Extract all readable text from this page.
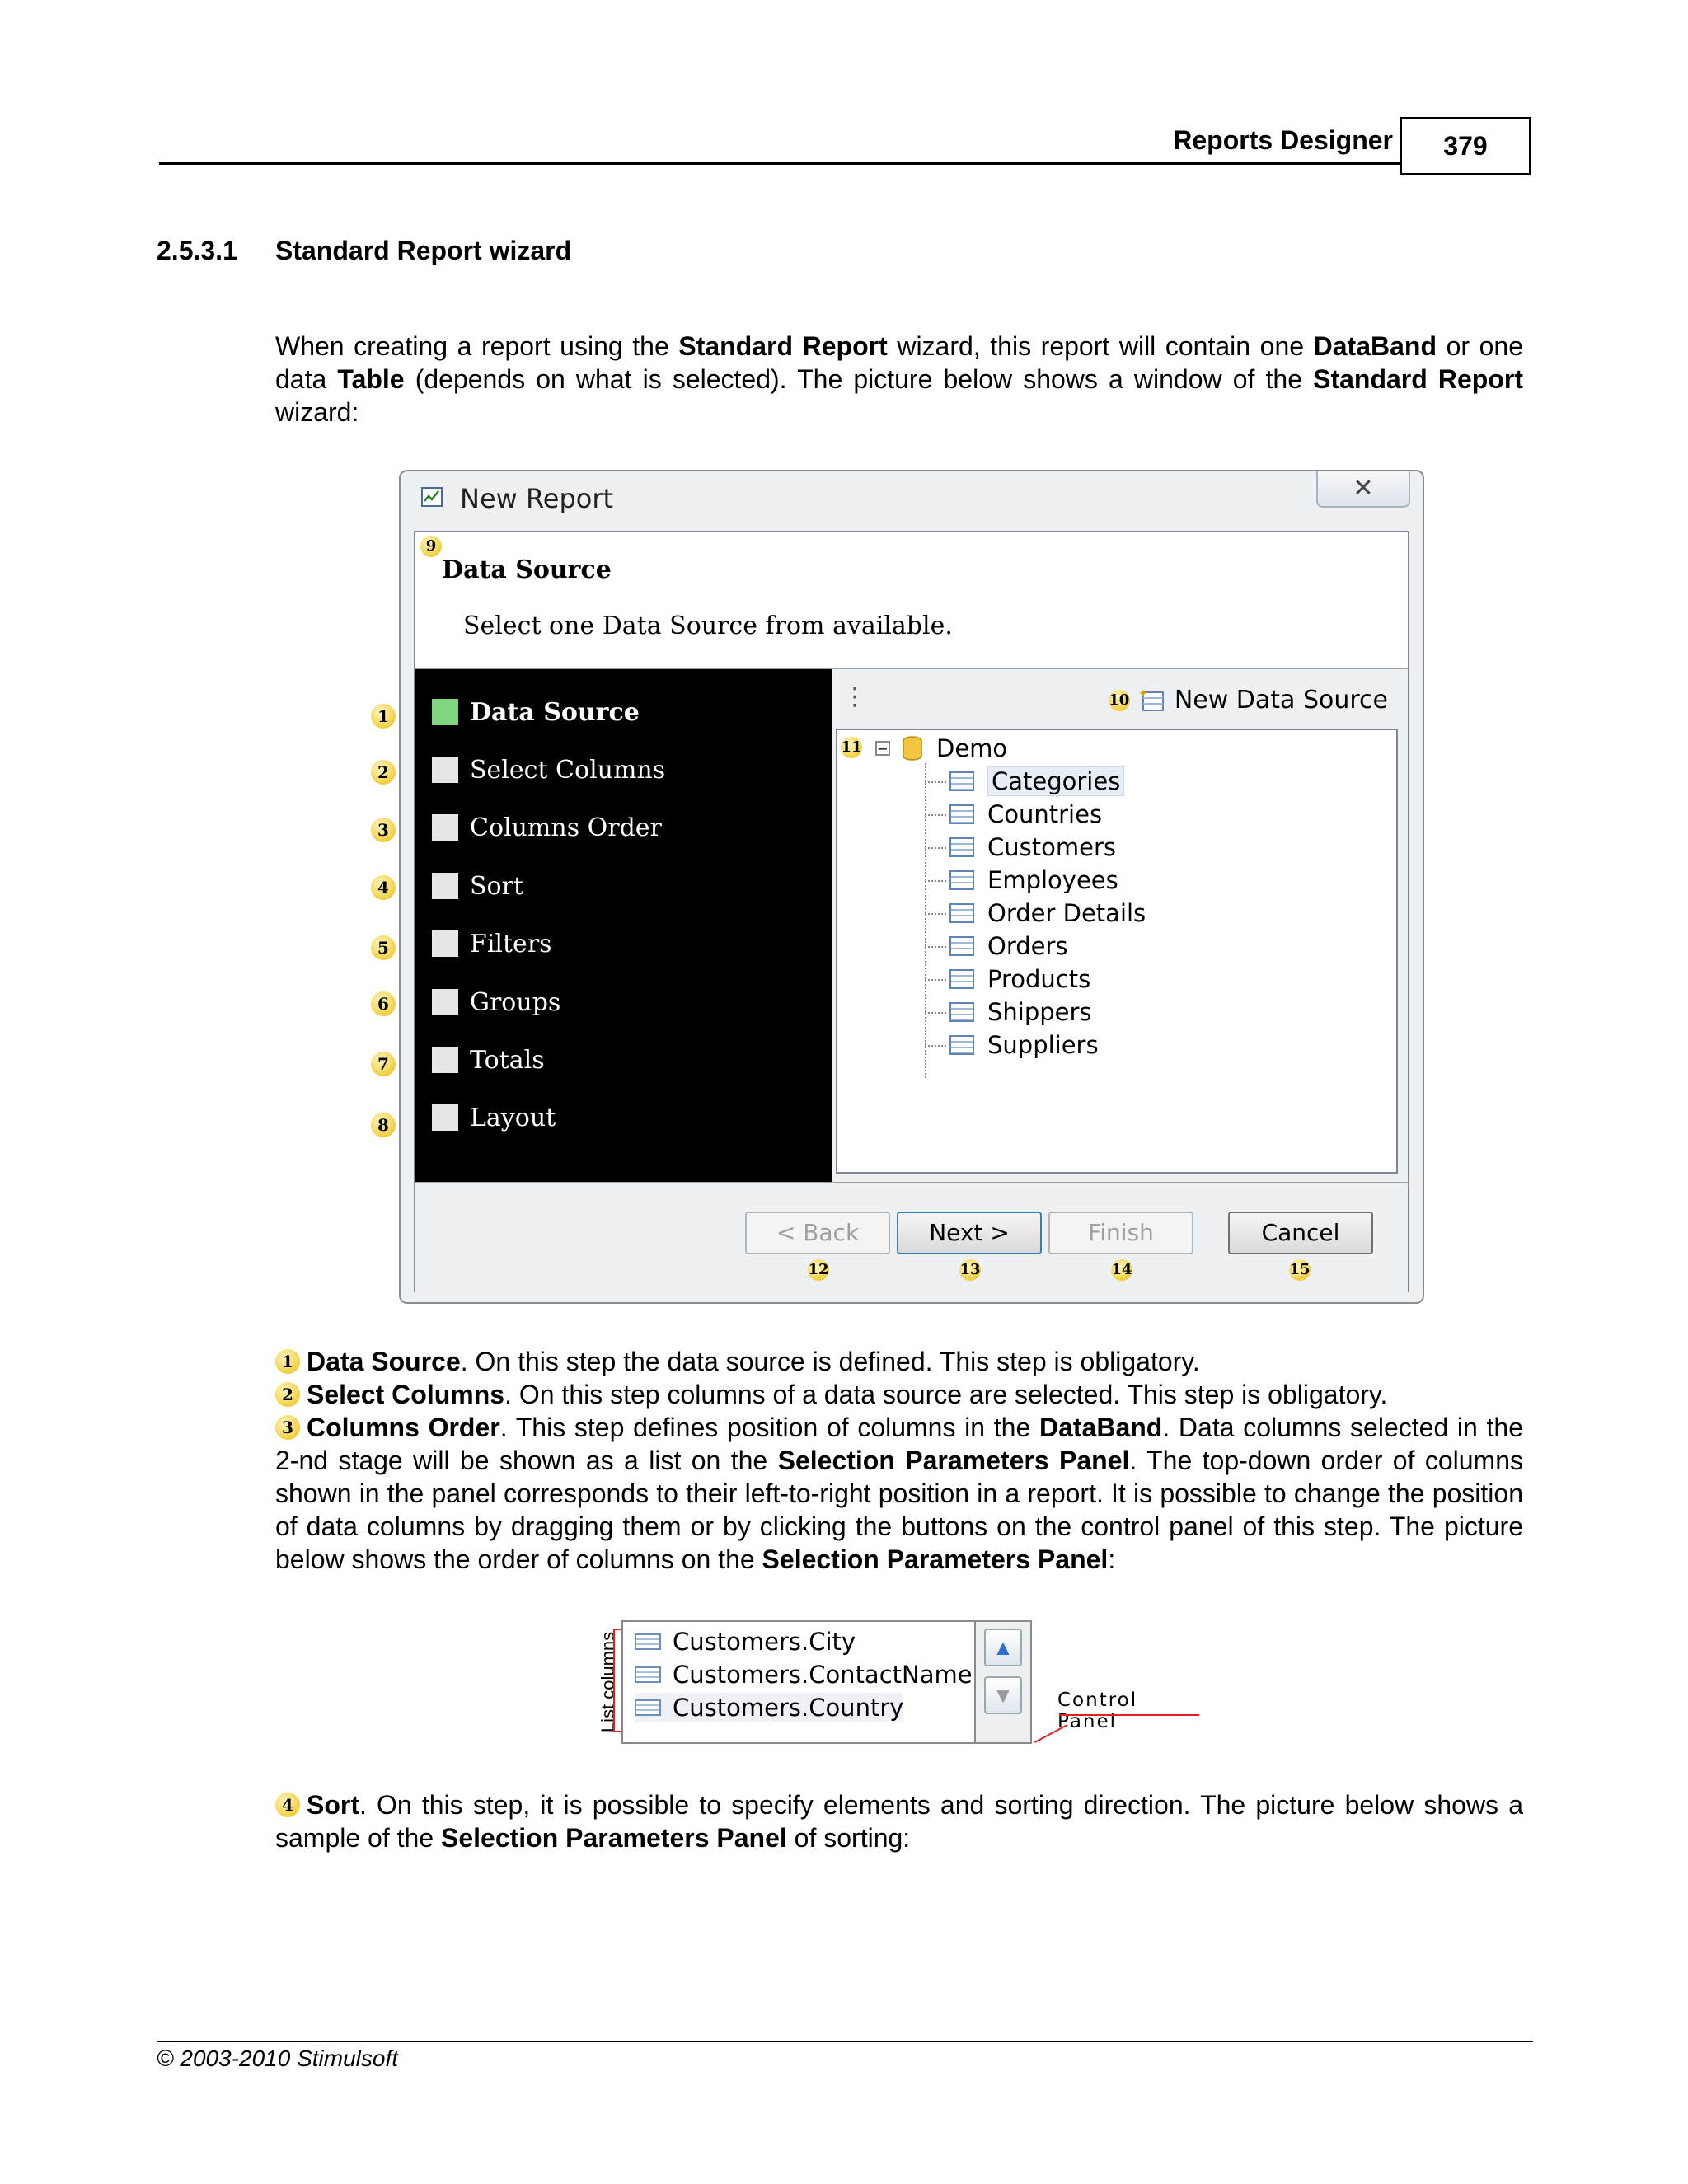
Reports Designer	379
2.5.3.1 Standard Report wizard
When creating a report using the Standard Report wizard, this report will contain one DataBand or one data Table (depends on what is selected). The picture below shows a window of the Standard Report wizard:
1
2
3
4
5
6
7
8
New Report	✕
9
Data Source
Select one Data Source from available.
Data Source
Select Columns
Columns Order
Sort
Filters
Groups
Totals
Layout
⋮	10 ✦ New Data Source
11 − Demo
Categories
Countries
Customers
Employees
Order Details
Orders
Products
Shippers
Suppliers
< Back
12
Next >
13
Finish
14
Cancel
15
1 Data Source. On this step the data source is defined. This step is obligatory.
2 Select Columns. On this step columns of a data source are selected. This step is obligatory.
3 Columns Order. This step defines position of columns in the DataBand. Data columns selected in the 2-nd stage will be shown as a list on the Selection Parameters Panel. The top-down order of columns shown in the panel corresponds to their left-to-right position in a report. It is possible to change the position of data columns by dragging them or by clicking the buttons on the control panel of this step. The picture below shows the order of columns on the Selection Parameters Panel:
List columns Customers.City
Customers.ContactName
Customers.Country
▲
▼	Control Panel
4 Sort. On this step, it is possible to specify elements and sorting direction. The picture below shows a sample of the Selection Parameters Panel of sorting:
© 2003-2010 Stimulsoft
